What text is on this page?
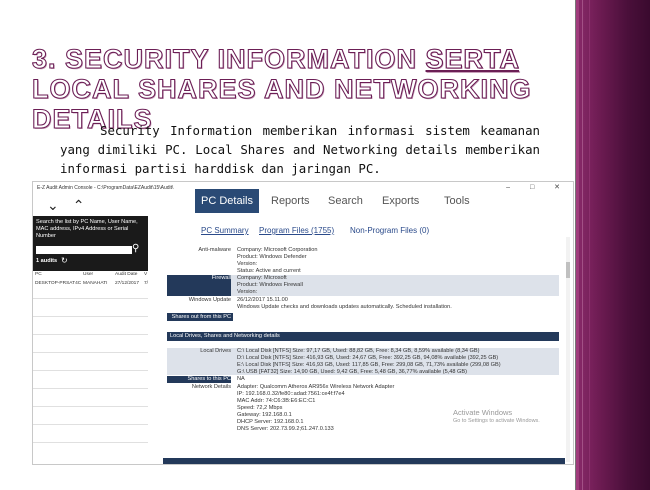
3. SECURITY INFORMATION SERTA LOCAL SHARES AND NETWORKING DETAILS

Security Information memberikan informasi sistem keamanan yang dimiliki PC. Local Shares and Networking details memberikan informasi partisi harddisk dan jaringan PC.

E-Z Audit Admin Console - C:\ProgramData\EZAudit\15\Audit\	– □ ✕
⌄ ⌃
Search the list by PC Name, User Name, MAC address, IPv4 Address or Serial Number
⚲
1 audits ↻
PC	User	Audit Date V
DESKTOP-PRSAT4C MANAHATI 27/12/2017 7/
PC Details	Reports	Search	Exports	Tools
PC Summary Program Files (1755) Non-Program Files (0)
Anti-malware Company: Microsoft Corporation
Product: Windows Defender
Version:
Status: Active and current
Firewall Company: Microsoft
Product: Windows Firewall
Version:
Windows Update 26/12/2017 15.11.00
Windows Update checks and downloads updates automatically. Scheduled installation.
Shares out from this PC
Local Drives, Shares and Networking details
Local Drives C:\ Local Disk [NTFS] Size: 97,17 GB, Used: 88,82 GB, Free: 8,34 GB, 8,59% available (8,34 GB)
D:\ Local Disk [NTFS] Size: 416,93 GB, Used: 24,67 GB, Free: 392,25 GB, 94,08% available (392,25 GB)
E:\ Local Disk [NTFS] Size: 416,93 GB, Used: 117,85 GB, Free: 299,08 GB, 71,73% available (299,08 GB)
G:\ USB [FAT32] Size: 14,90 GB, Used: 9,42 GB, Free: 5,48 GB, 36,77% available (5,48 GB)
Shares to this PC NA
Network Details Adapter: Qualcomm Atheros AR956x Wireless Network Adapter
IP: 192.168.0.32/fe80::adad:7561:ce4f:f7e4
MAC Addr: 74:C6:3B:E6:EC:C1
Speed: 72,2 Mbps
Gateway: 192.168.0.1
DHCP Server: 192.168.0.1
DNS Server: 202.73.99.2;61.247.0.133
Activate Windows
Go to Settings to activate Windows.
